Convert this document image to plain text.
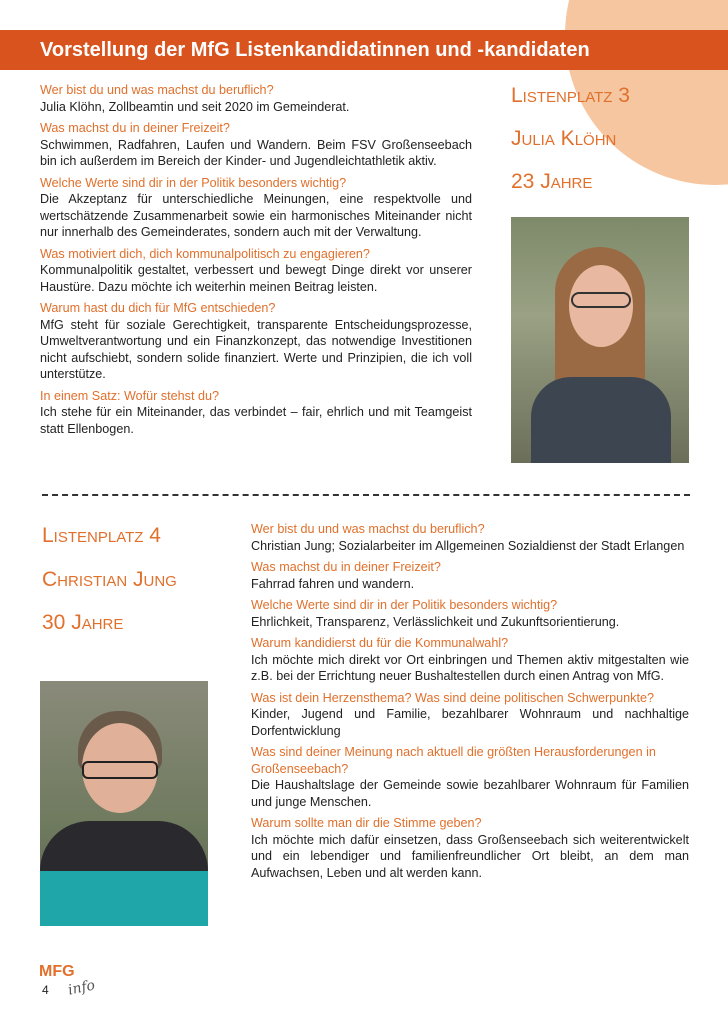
Vorstellung der MfG Listenkandidatinnen und -kandidaten
Wer bist du und was machst du beruflich?
Julia Klöhn, Zollbeamtin und seit 2020 im Gemeinderat.
Was machst du in deiner Freizeit?
Schwimmen, Radfahren, Laufen und Wandern. Beim FSV Großenseebach bin ich außerdem im Bereich der Kinder- und Jugendleichtathletik aktiv.
Welche Werte sind dir in der Politik besonders wichtig?
Die Akzeptanz für unterschiedliche Meinungen, eine respektvolle und wertschätzende Zusammenarbeit sowie ein harmonisches Miteinander nicht nur innerhalb des Gemeinderates, sondern auch mit der Verwaltung.
Was motiviert dich, dich kommunalpolitisch zu engagieren?
Kommunalpolitik gestaltet, verbessert und bewegt Dinge direkt vor unserer Haustüre. Dazu möchte ich weiterhin meinen Beitrag leisten.
Warum hast du dich für MfG entschieden?
MfG steht für soziale Gerechtigkeit, transparente Entscheidungsprozesse, Umweltverantwortung und ein Finanzkonzept, das notwendige Investitionen nicht aufschiebt, sondern solide finanziert. Werte und Prinzipien, die ich voll unterstütze.
In einem Satz: Wofür stehst du?
Ich stehe für ein Miteinander, das verbindet – fair, ehrlich und mit Teamgeist statt Ellenbogen.
Listenplatz 3
Julia Klöhn
23 Jahre
Listenplatz 4
Christian Jung
30 Jahre
Wer bist du und was machst du beruflich?
Christian Jung; Sozialarbeiter im Allgemeinen Sozialdienst der Stadt Erlangen
Was machst du in deiner Freizeit?
Fahrrad fahren und wandern.
Welche Werte sind dir in der Politik besonders wichtig?
Ehrlichkeit, Transparenz, Verlässlichkeit und Zukunftsorientierung.
Warum kandidierst du für die Kommunalwahl?
Ich möchte mich direkt vor Ort einbringen und Themen aktiv mitgestalten wie z.B. bei der Errichtung neuer Bushaltestellen durch einen Antrag von MfG.
Was ist dein Herzensthema? Was sind deine politischen Schwerpunkte?
Kinder, Jugend und Familie, bezahlbarer Wohnraum und nachhaltige Dorfentwicklung
Was sind deiner Meinung nach aktuell die größten Herausforderungen in Großenseebach?
Die Haushaltslage der Gemeinde sowie bezahlbarer Wohnraum für Familien und junge Menschen.
Warum sollte man dir die Stimme geben?
Ich möchte mich dafür einsetzen, dass Großenseebach sich weiterentwickelt und ein lebendiger und familienfreundlicher Ort bleibt, an dem man Aufwachsen, Leben und alt werden kann.
MFG
4 info
